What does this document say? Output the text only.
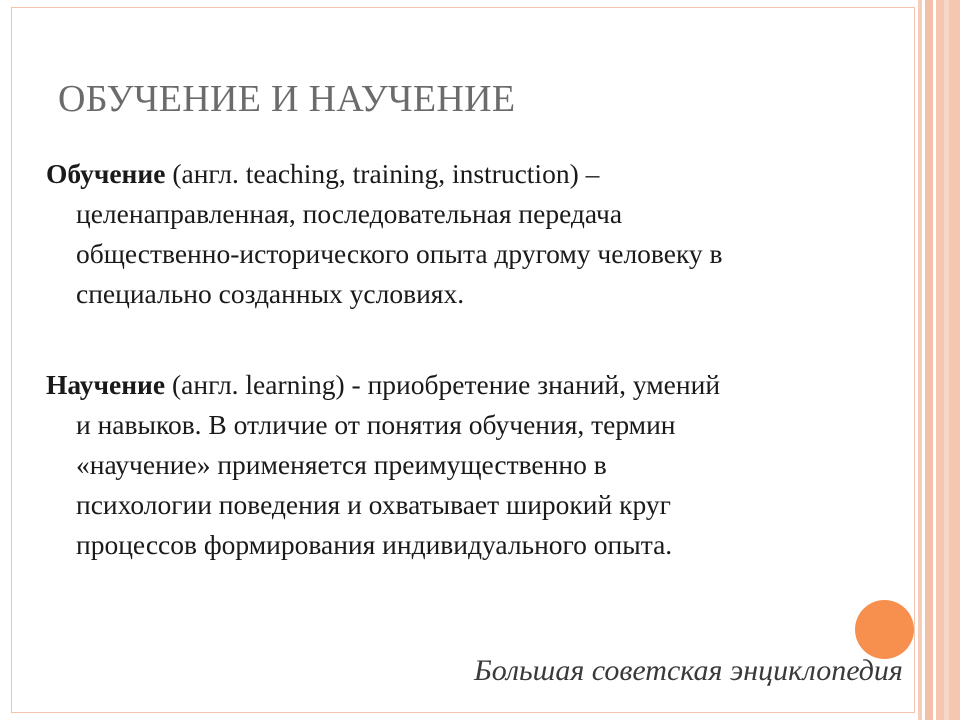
ОБУЧЕНИЕ И НАУЧЕНИЕ
Обучение (англ. teaching, training, instruction) –
целенаправленная, последовательная передача
общественно-исторического опыта другому человеку в
специально созданных условиях.
Научение (англ. learning) - приобретение знаний, умений
и навыков. В отличие от понятия обучения, термин
«научение» применяется преимущественно в
психологии поведения и охватывает широкий круг
процессов формирования индивидуального опыта.
Большая советская энциклопедия
